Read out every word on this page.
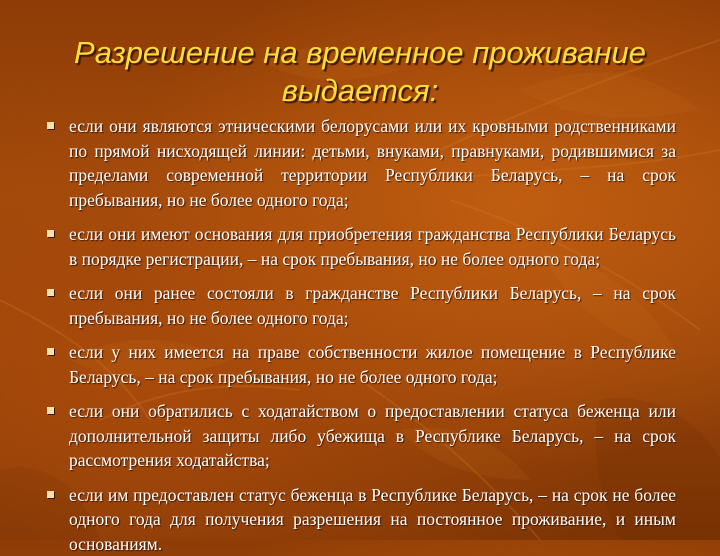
Разрешение на временное проживание
выдается:
если они являются этническими белорусами или их кровными родственниками по прямой нисходящей линии: детьми, внуками, правнуками, родившимися за пределами современной территории Республики Беларусь, – на срок пребывания, но не более одного года;
если они имеют основания для приобретения гражданства Республики Беларусь в порядке регистрации, – на срок пребывания, но не более одного года;
если они ранее состояли в гражданстве Республики Беларусь, – на срок пребывания, но не более одного года;
если у них имеется на праве собственности жилое помещение в Республике Беларусь, – на срок пребывания, но не более одного года;
если они обратились с ходатайством о предоставлении статуса беженца или дополнительной защиты либо убежища в Республике Беларусь, – на срок рассмотрения ходатайства;
если им предоставлен статус беженца в Республике Беларусь, – на срок не более одного года для получения разрешения на постоянное проживание, и иным основаниям.
